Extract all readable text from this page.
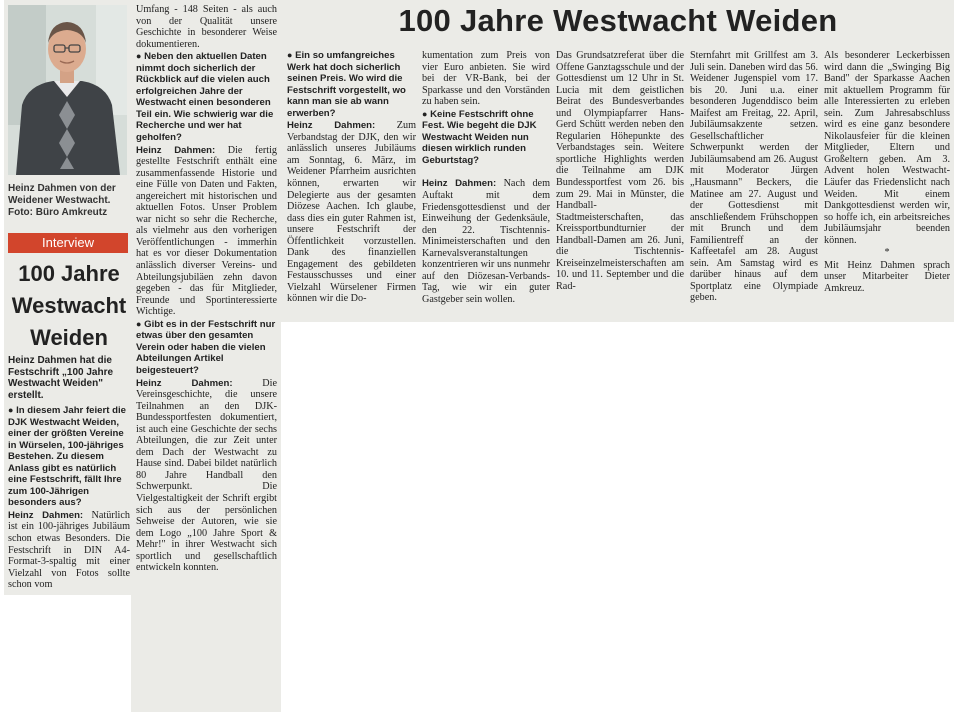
Heinz Dahmen von der Weidener Westwacht.
Foto: Büro Amkreutz
Interview
100 Jahre
Westwacht
Weiden
Heinz Dahmen hat die Festschrift „100 Jahre Westwacht Weiden" erstellt.

● In diesem Jahr feiert die DJK Westwacht Weiden, einer der größten Vereine in Würselen, 100-jähriges Bestehen. Zu diesem Anlass gibt es natürlich eine Festschrift, fällt Ihre zum 100-Jährigen besonders aus?

Heinz Dahmen: Natürlich ist ein 100-jähriges Jubiläum schon etwas Besonders. Die Festschrift in DIN A4-Format-3-spaltig mit einer Vielzahl von Fotos sollte schon vom

Umfang - 148 Seiten - als auch von der Qualität unsere Geschichte in besonderer Weise dokumentieren.

● Neben den aktuellen Daten nimmt doch sicherlich der Rückblick auf die vielen auch erfolgreichen Jahre der Westwacht einen besonderen Teil ein. Wie schwierig war die Recherche und wer hat geholfen?

Heinz Dahmen: Die fertig gestellte Festschrift enthält eine zusammenfassende Historie und eine Fülle von Daten und Fakten, angereichert mit historischen und aktuellen Fotos. Unser Problem war nicht so sehr die Recherche, als vielmehr aus den vorherigen Veröffentlichungen - immerhin hat es vor dieser Dokumentation anlässlich diverser Vereins- und Abteilungsjubiläen zehn davon gegeben - das für Mitglieder, Freunde und Sportinteressierte Wichtige.

● Gibt es in der Festschrift nur etwas über den gesamten Verein oder haben die vielen Abteilungen Artikel beigesteuert?

Heinz Dahmen:	Die Vereinsgeschichte, die unsere Teilnahmen an den DJK-Bundessportfesten dokumentiert, ist auch eine Geschichte der sechs Abteilungen, die zur Zeit unter dem Dach der Westwacht zu Hause sind. Dabei bildet natürlich 80 Jahre Handball den Schwerpunkt. Die Vielgestaltigkeit der Schrift ergibt sich aus der persönlichen Sehweise der Autoren, wie sie dem Logo „100 Jahre Sport & Mehr!" in ihrer Westwacht sich sportlich und gesellschaftlich entwickeln konnten.

100 Jahre Westwacht Weiden

● Ein so umfangreiches Werk hat doch sicherlich seinen Preis. Wo wird die Festschrift vorgestellt, wo kann man sie ab wann erwerben?

Heinz Dahmen: Zum Verbandstag der DJK, den wir anlässlich unseres Jubiläums am Sonntag, 6. März, im Weidener Pfarrheim ausrichten können, erwarten wir Delegierte aus der gesamten Diözese Aachen. Ich glaube, dass dies ein guter Rahmen ist, unsere Festschrift der Öffentlichkeit vorzustellen. Dank des finanziellen Engagement des gebildeten Festausschusses und einer Vielzahl Würselener Firmen können wir die Do-

kumentation zum Preis von vier Euro anbieten. Sie wird bei der VR-Bank, bei der Sparkasse und den Vorständen zu haben sein.

● Keine Festschrift ohne Fest. Wie begeht die DJK Westwacht Weiden nun diesen wirklich runden Geburtstag?

Heinz Dahmen: Nach dem Auftakt mit dem Friedensgottesdienst und der Einweihung der Gedenksäule, den 22. Tischtennis-Minimeisterschaften und den Karnevalsveranstaltungen konzentrieren wir uns nunmehr auf den Diözesan-Verbands-Tag, wie wir ein guter Gastgeber sein wollen.

Das Grundsatzreferat über die Offene Ganztagsschule und der Gottesdienst um 12 Uhr in St. Lucia mit dem geistlichen Beirat des Bundesverbandes und Olympiapfarrer Hans-Gerd Schütt werden neben den Regularien Höhepunkte des Verbandstages sein. Weitere sportliche Highlights werden die Teilnahme am DJK Bundessportfest vom 26. bis zum 29. Mai in Münster, die Handball-Stadtmeisterschaften, das Kreissportbundturnier der Handball-Damen am 26. Juni, die Tischtennis-Kreiseinzelmeisterschaften am 10. und 11. September und die Rad-

Sternfahrt mit Grillfest am 3. Juli sein. Daneben wird das 56. Weidener Jugenspiel vom 17. bis 20. Juni u.a. einer besonderen Jugenddisco beim Maifest am Freitag, 22. April, Jubiläumsakzente setzen. Gesellschaftlicher Schwerpunkt werden der Jubiläumsabend am 26. August mit Moderator Jürgen „Hausmann" Beckers, die Matinee am 27. August und der Gottesdienst mit anschließendem Frühschoppen mit Brunch und dem Familientreff an der Kaffeetafel am 28. August sein. Am Samstag wird es darüber hinaus auf dem Sportplatz eine Olympiade geben.

Als besonderer Leckerbissen wird dann die „Swinging Big Band" der Sparkasse Aachen mit aktuellem Programm für alle Interessierten zu erleben sein. Zum Jahresabschluss wird es eine ganz besondere Nikolausfeier für die kleinen Mitglieder, Eltern und Großeltern geben. Am 3. Advent holen Westwacht-Läufer das Friedenslicht nach Weiden. Mit einem Dankgottesdienst werden wir, so hoffe ich, ein arbeitsreiches Jubiläumsjahr beenden können.

*

Mit Heinz Dahmen sprach unser Mitarbeiter Dieter Amkreuz.
